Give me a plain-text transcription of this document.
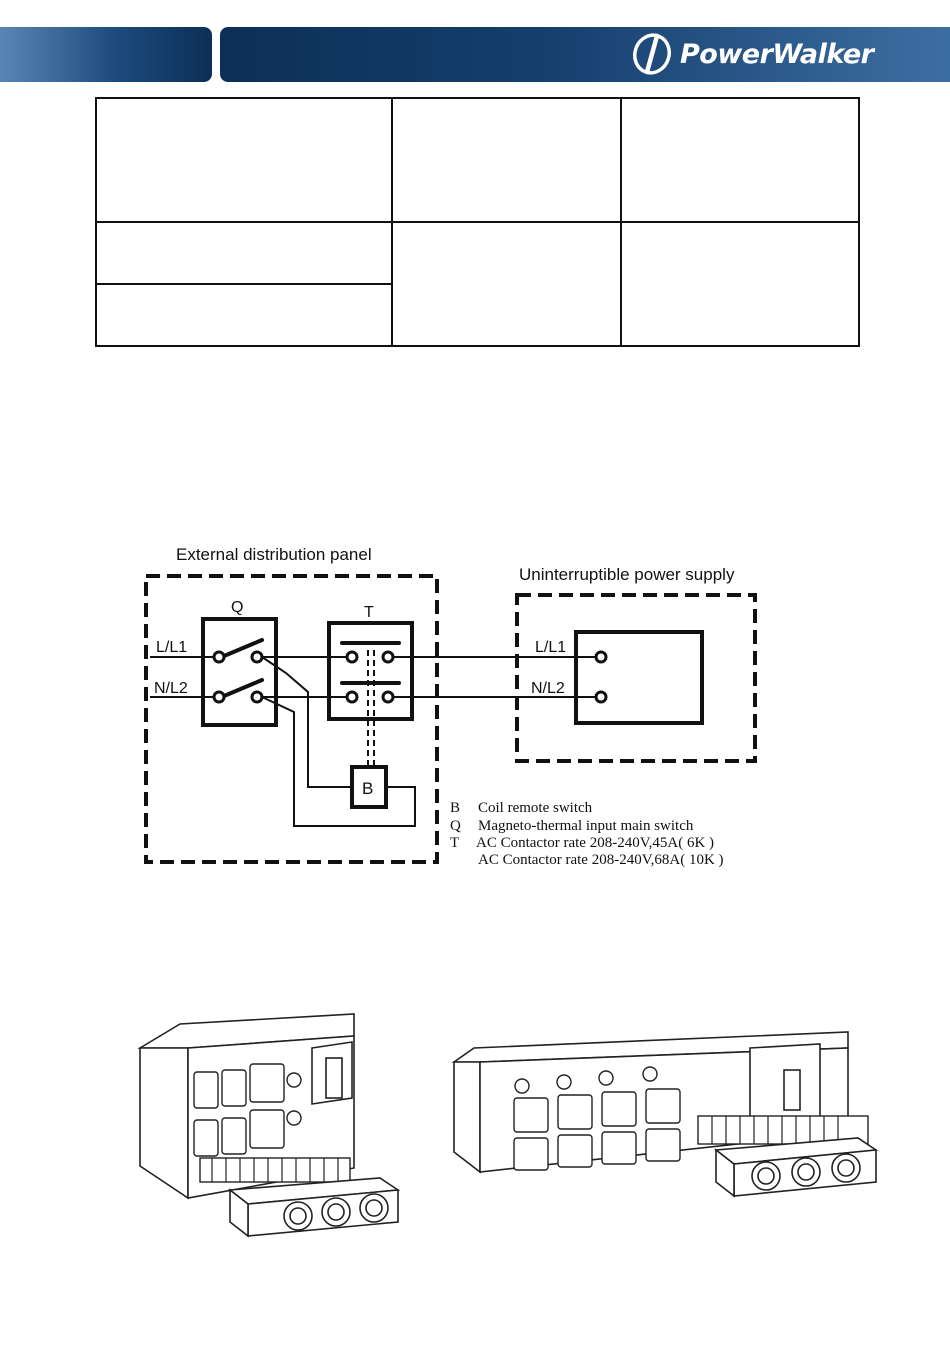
PowerWalker

External distribution panel
Uninterruptible power supply
Q	T
L/L1
N/L2
L/L1
N/L2
B
B Coil remote switch
Q Magneto-thermal input main switch
T AC Contactor rate 208-240V,45A( 6K )
AC Contactor rate 208-240V,68A( 10K )
